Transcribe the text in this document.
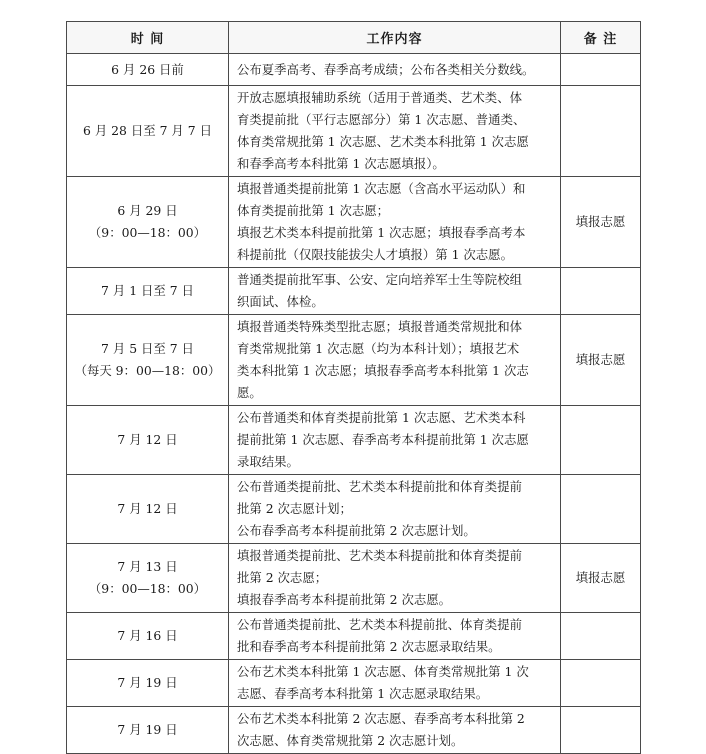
时 间	工作内容	备 注

6 月 26 日前	公布夏季高考、春季高考成绩；公布各类相关分数线。	

6 月 28 日至 7 月 7 日	开放志愿填报辅助系统（适用于普通类、艺术类、体
育类提前批（平行志愿部分）第 1 次志愿、普通类、
体育类常规批第 1 次志愿、艺术类本科批第 1 次志愿
和春季高考本科批第 1 次志愿填报）。	

6 月 29 日
（9：00—18：00）	填报普通类提前批第 1 次志愿（含高水平运动队）和
体育类提前批第 1 次志愿；
填报艺术类本科提前批第 1 次志愿；填报春季高考本
科提前批（仅限技能拔尖人才填报）第 1 次志愿。	填报志愿

7 月 1 日至 7 日	普通类提前批军事、公安、定向培养军士生等院校组
织面试、体检。	

7 月 5 日至 7 日
（每天 9：00—18：00）	填报普通类特殊类型批志愿；填报普通类常规批和体
育类常规批第 1 次志愿（均为本科计划）；填报艺术
类本科批第 1 次志愿；填报春季高考本科批第 1 次志
愿。	填报志愿

7 月 12 日	公布普通类和体育类提前批第 1 次志愿、艺术类本科
提前批第 1 次志愿、春季高考本科提前批第 1 次志愿
录取结果。	

7 月 12 日	公布普通类提前批、艺术类本科提前批和体育类提前
批第 2 次志愿计划；
公布春季高考本科提前批第 2 次志愿计划。	

7 月 13 日
（9：00—18：00）	填报普通类提前批、艺术类本科提前批和体育类提前
批第 2 次志愿；
填报春季高考本科提前批第 2 次志愿。	填报志愿

7 月 16 日	公布普通类提前批、艺术类本科提前批、体育类提前
批和春季高考本科提前批第 2 次志愿录取结果。	

7 月 19 日	公布艺术类本科批第 1 次志愿、体育类常规批第 1 次
志愿、春季高考本科批第 1 次志愿录取结果。	

7 月 19 日	公布艺术类本科批第 2 次志愿、春季高考本科批第 2
次志愿、体育类常规批第 2 次志愿计划。	
